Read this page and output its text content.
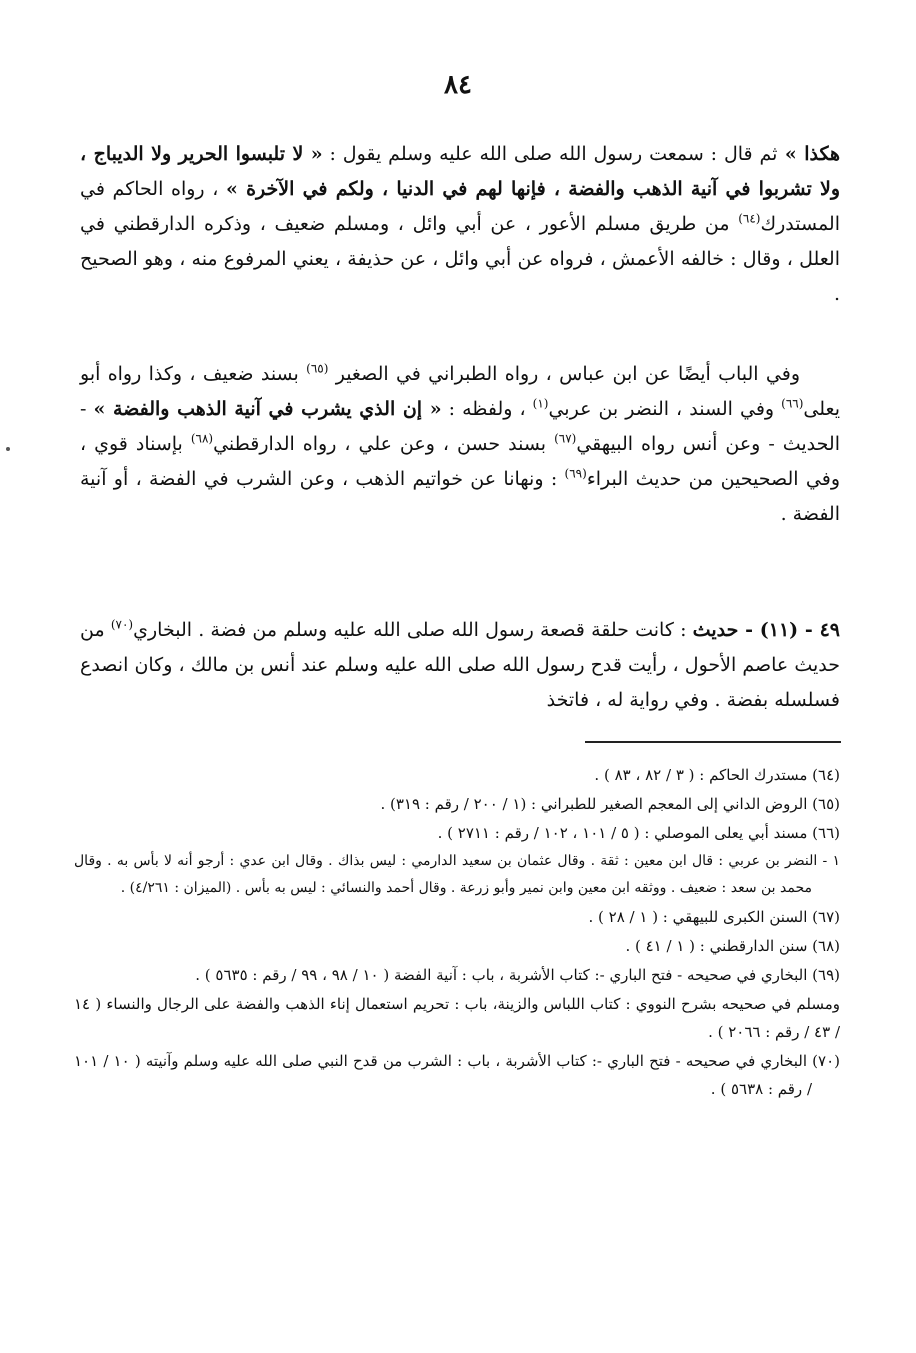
٨٤

هكذا » ثم قال : سمعت رسول الله صلى الله عليه وسلم يقول : « لا تلبسوا الحرير ولا الديباج ، ولا تشربوا في آنية الذهب والفضة ، فإنها لهم في الدنيا ، ولكم في الآخرة » ، رواه الحاكم في المستدرك$^{(٦٤)}$ من طريق مسلم الأعور ، عن أبي وائل ، ومسلم ضعيف ، وذكره الدارقطني في العلل ، وقال : خالفه الأعمش ، فرواه عن أبي وائل ، عن حذيفة ، يعني المرفوع منه ، وهو الصحيح .

وفي الباب أيضًا عن ابن عباس ، رواه الطبراني في الصغير $^{(٦٥)}$ بسند ضعيف ، وكذا رواه أبو يعلى$^{(٦٦)}$ وفي السند ، النضر بن عربي$^{(١)}$ ، ولفظه : « إن الذي يشرب في آنية الذهب والفضة » - الحديث - وعن أنس رواه البيهقي$^{(٦٧)}$ بسند حسن ، وعن علي ، رواه الدارقطني$^{(٦٨)}$ بإسناد قوي ، وفي الصحيحين من حديث البراء$^{(٦٩)}$ : ونهانا عن خواتيم الذهب ، وعن الشرب في الفضة ، أو آنية الفضة .

٤٩ - (١١) - حديث : كانت حلقة قصعة رسول الله صلى الله عليه وسلم من فضة . البخاري$^{(٧٠)}$ من حديث عاصم الأحول ، رأيت قدح رسول الله صلى الله عليه وسلم عند أنس بن مالك ، وكان انصدع فسلسله بفضة . وفي رواية له ، فاتخذ

(٦٤) مستدرك الحاكم : ( ٣ / ٨٢ ، ٨٣ ) .
(٦٥) الروض الداني إلى المعجم الصغير للطبراني : (١ / ٢٠٠ / رقم : ٣١٩) .
(٦٦) مسند أبي يعلى الموصلي : ( ٥ / ١٠١ ، ١٠٢ / رقم : ٢٧١١ ) .
١ - النضر بن عربي : قال ابن معين : ثقة . وقال عثمان بن سعيد الدارمي : ليس بذاك . وقال ابن عدي : أرجو أنه لا بأس به . وقال محمد بن سعد : ضعيف . ووثقه ابن معين وابن نمير وأبو زرعة . وقال أحمد والنسائي : ليس به بأس . (الميزان : ٤/٢٦١) .
(٦٧) السنن الكبرى للبيهقي : ( ١ / ٢٨ ) .
(٦٨) سنن الدارقطني : ( ١ / ٤١ ) .
(٦٩) البخاري في صحيحه - فتح الباري -: كتاب الأشربة ، باب : آنية الفضة ( ١٠ / ٩٨ ، ٩٩ / رقم : ٥٦٣٥ ) .
ومسلم في صحيحه بشرح النووي : كتاب اللباس والزينة، باب : تحريم استعمال إناء الذهب والفضة على الرجال والنساء ( ١٤ / ٤٣ / رقم : ٢٠٦٦ ) .
(٧٠) البخاري في صحيحه - فتح الباري -: كتاب الأشربة ، باب : الشرب من قدح النبي صلى الله عليه وسلم وآنيته ( ١٠ / ١٠١ / رقم : ٥٦٣٨ ) .
